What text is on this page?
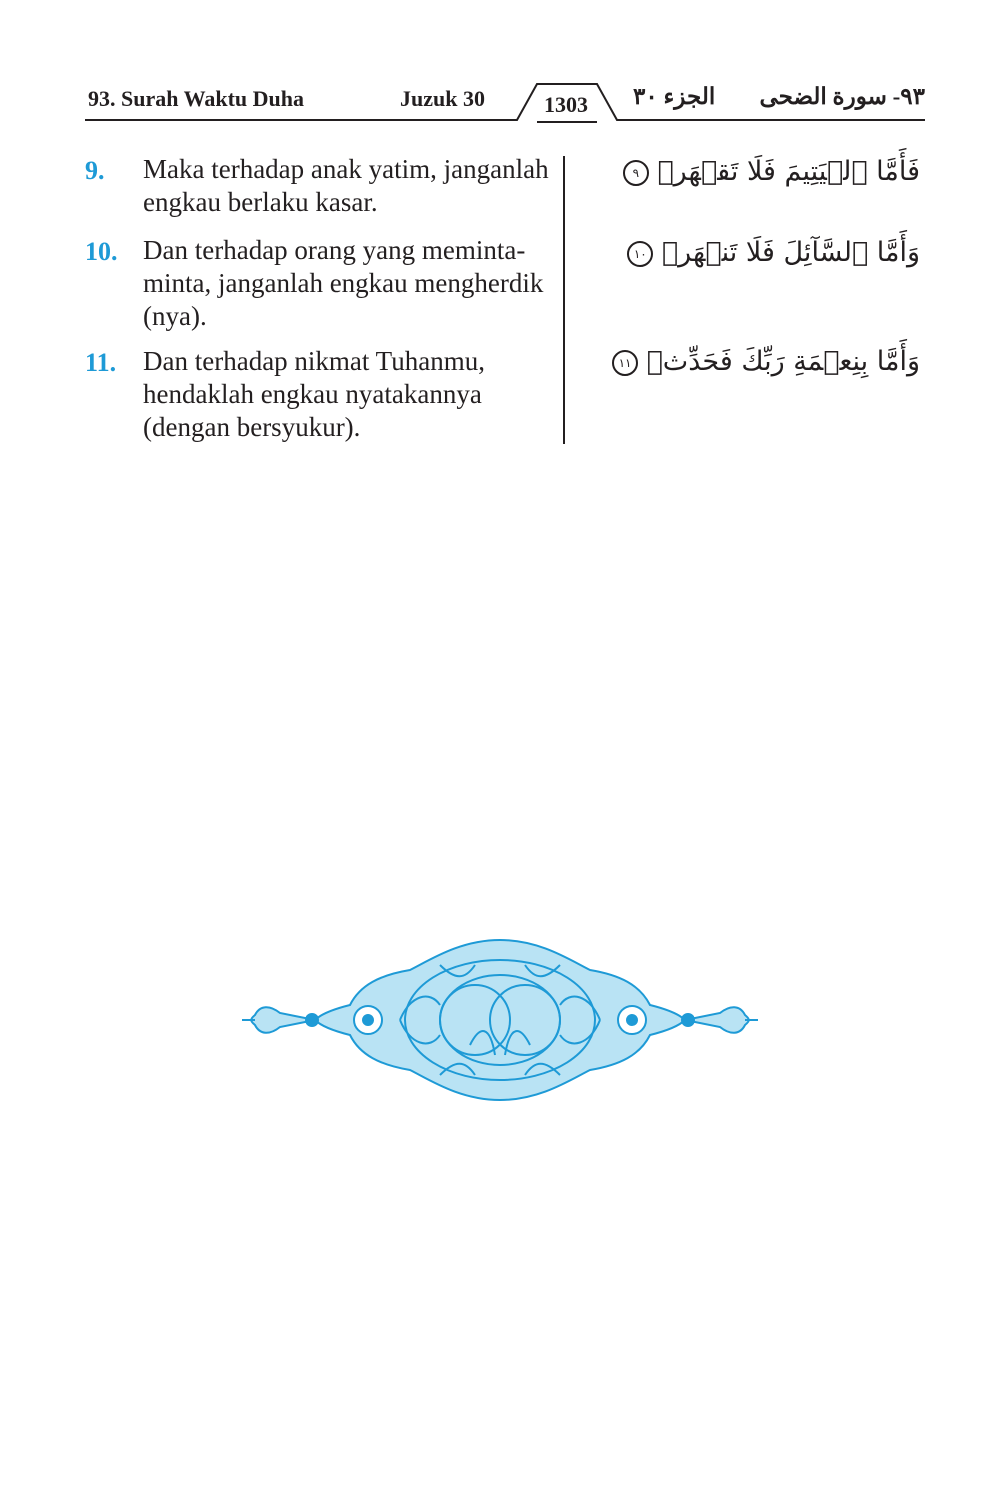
93. Surah Waktu Duha	Juzuk 30	1303	الجزء ٣٠ ٩٣- سورة الضحى
9. Maka terhadap anak yatim, janganlah engkau berlaku kasar.
فَأَمَّا ٱلۡيَتِيمَ فَلَا تَقۡهَرۡ ٩
10. Dan terhadap orang yang meminta-minta, janganlah engkau mengherdik (nya).
وَأَمَّا ٱلسَّآئِلَ فَلَا تَنۡهَرۡ ١٠
11. Dan terhadap nikmat Tuhanmu, hendaklah engkau nyatakannya (dengan bersyukur).
وَأَمَّا بِنِعۡمَةِ رَبِّكَ فَحَدِّثۡ ١١
